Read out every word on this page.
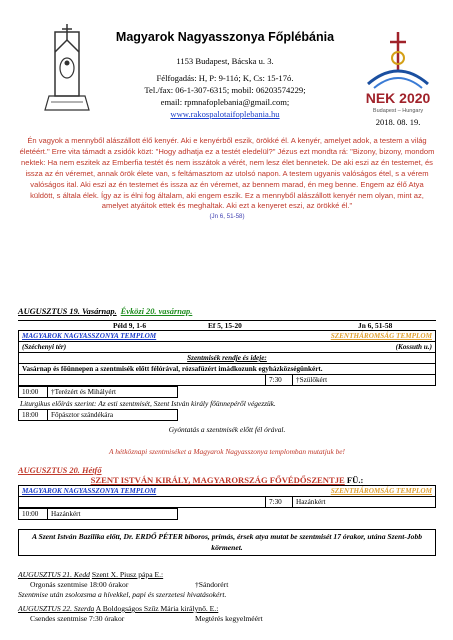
Magyarok Nagyasszonya Főplébánia
1153 Budapest, Bácska u. 3.
Félfogadás: H, P: 9-11ó; K, Cs: 15-17ó.
Tel./fax: 06-1-307-6315; mobil: 06203574229;
email: rpmnafoplebania@gmail.com;
www.rakospalotaifoplebania.hu
NEK 2020
Budapest – Hungary
2018. 08. 19.
Én vagyok a mennyből alászállott élő kenyér. Aki e kenyérből eszik, örökké él. A kenyér, amelyet adok, a testem a világ életéért." Erre vita támadt a zsidók közt: "Hogy adhatja ez a testét eledelül?" Jézus ezt mondta rá: "Bizony, bizony, mondom nektek: Ha nem eszitek az Emberfia testét és nem isszátok a vérét, nem lesz élet bennetek. De aki eszi az én testemet, és issza az én véremet, annak örök élete van, s feltámasztom az utolsó napon. A testem ugyanis valóságos étel, s a vérem valóságos ital. Aki eszi az én testemet és issza az én véremet, az bennem marad, én meg benne. Engem az élő Atya küldött, s általa élek. Így az is élni fog általam, aki engem eszik. Ez a mennyből alászállott kenyér nem olyan, mint az, amelyet atyáitok ettek és meghaltak. Aki ezt a kenyeret eszi, az örökké él."
(Jn 6, 51-58)
AUGUSZTUS 19. Vasárnap. Évközi 20. vasárnap.
Péld 9, 1-6	Ef 5, 15-20	Jn 6, 51-58
MAGYAROK NAGYASSZONYA TEMPLOM	SZENTHÁROMSÁG TEMPLOM
(Széchenyi tér)	(Kossuth u.)
Szentmisék rendje és ideje:	
Vasárnap és főünnepen a szentmisék előtt félórával, rózsafüzért imádkozunk egyházközségünkért.	
	7:30	†Szülőkért
10:00	†Terézért és Mihályért
Liturgikus előírás szerint: Az esti szentmisét, Szent István király főünnepéről végezzük.
18:00	Főpásztor szándékára
Gyóntatás a szentmisék előtt fél órával.
A hétköznapi szentmiséket a Magyarok Nagyasszonya templomban mutatjuk be!
AUGUSZTUS 20. Hétfő
SZENT ISTVÁN KIRÁLY, MAGYARORSZÁG FŐVÉDŐSZENTJE FÜ.:
MAGYAROK NAGYASSZONYA TEMPLOM	SZENTHÁROMSÁG TEMPLOM
	7:30	Hazánkért
10:00	Hazánkért
A Szent István Bazilika előtt, Dr. ERDŐ PÉTER bíboros, prímás, érsek atya mutat be szentmisét 17 órakor, utána Szent-Jobb körmenet.
AUGUSZTUS 21. Kedd Szent X. Piusz pápa E.:
Orgonás szentmise 18:00 órakor	†Sándorért
Szentmise után zsolozsma a hívekkel, papi és szerzetesi hivatásokért.
AUGUSZTUS 22. Szerda A Boldogságos Szűz Mária királynő. E.:
Csendes szentmise 7:30 órakor	Megtérés kegyelméért
